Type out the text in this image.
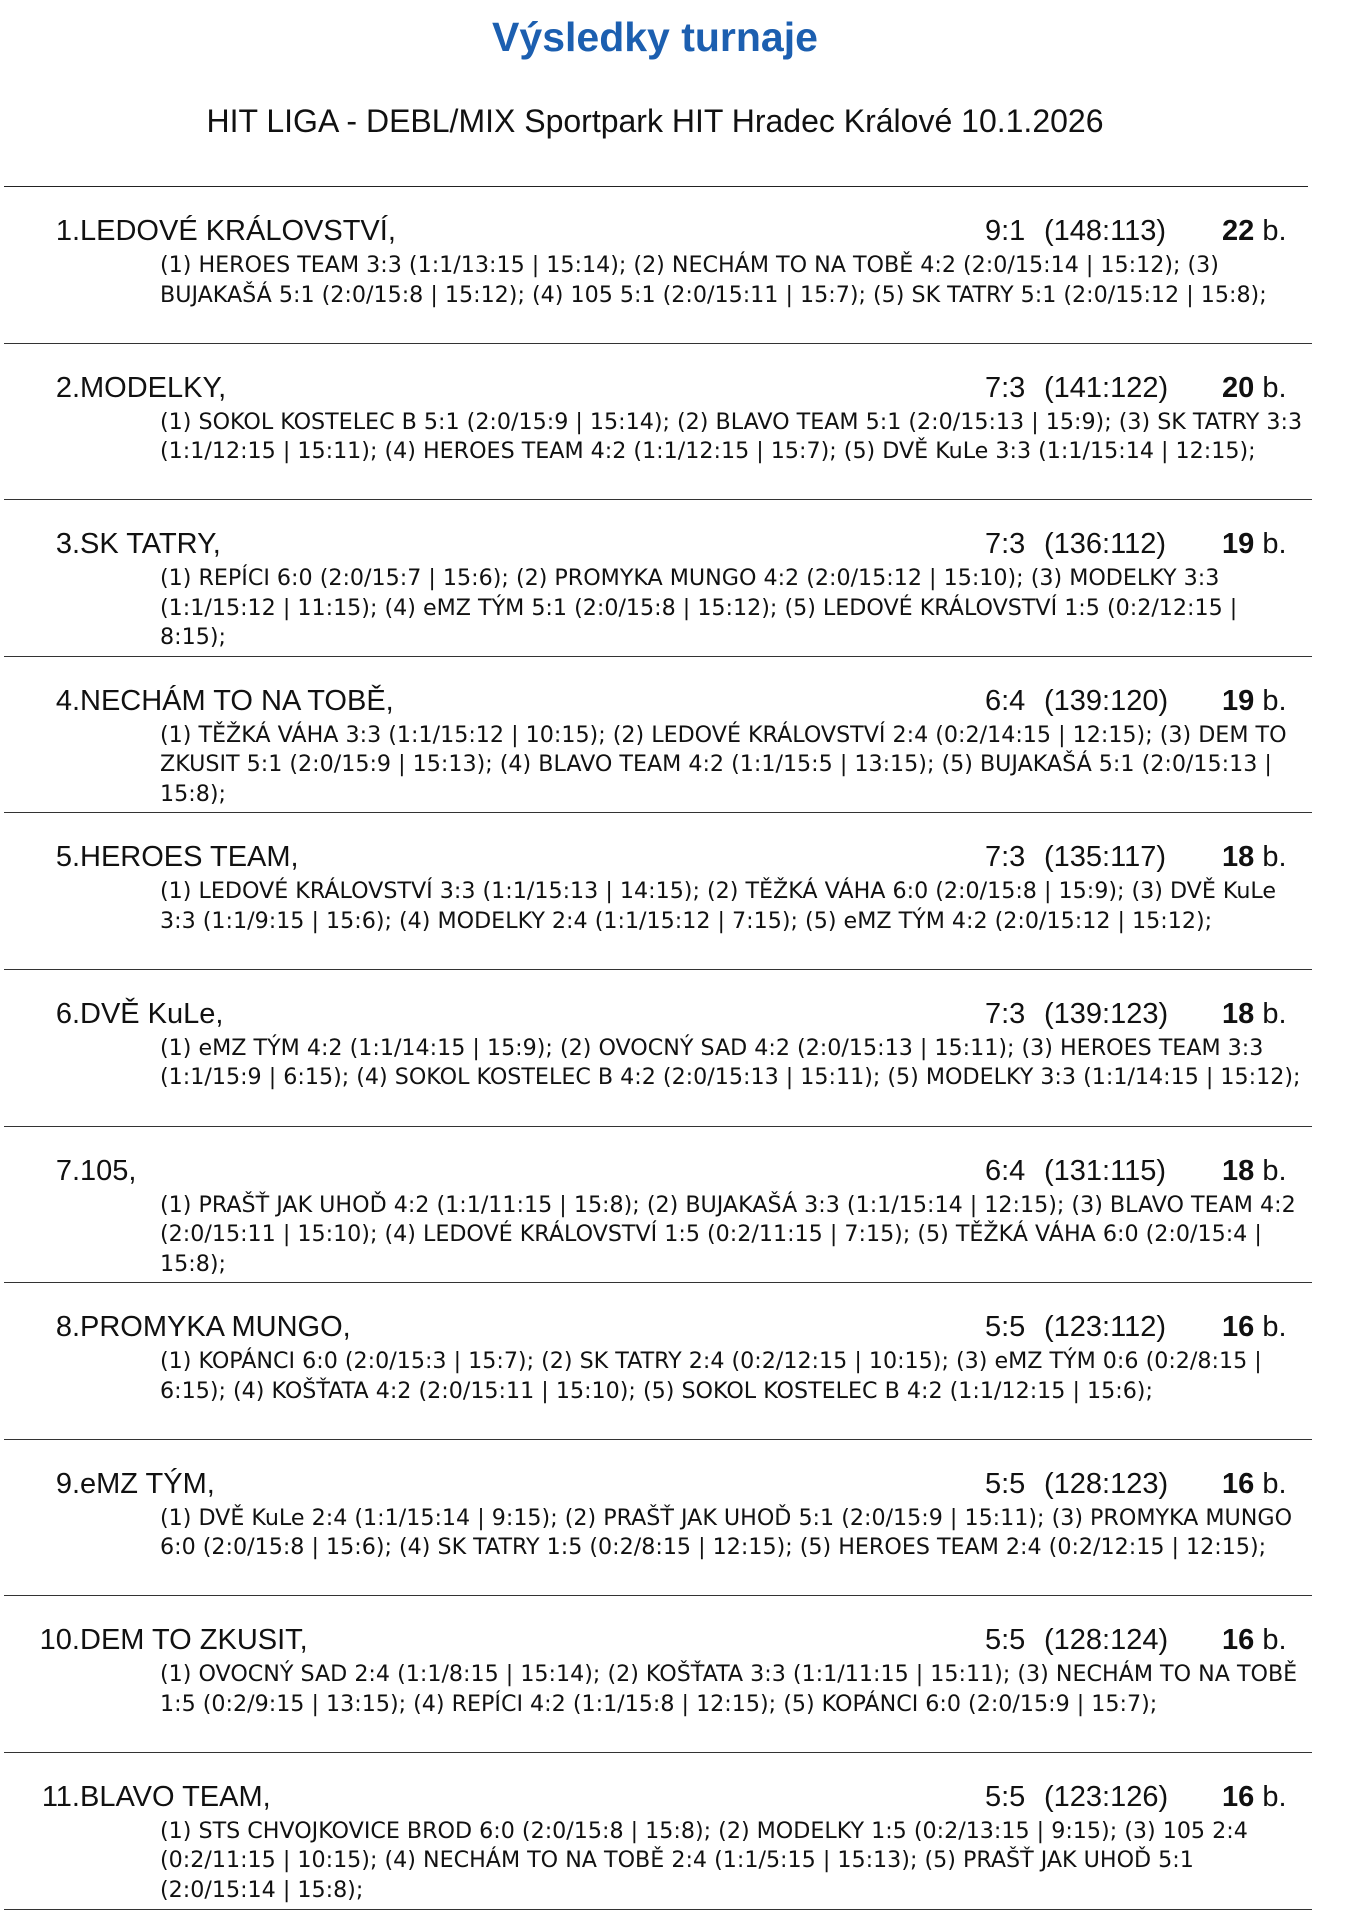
Výsledky turnaje
HIT LIGA - DEBL/MIX Sportpark HIT Hradec Králové 10.1.2026
1. LEDOVÉ KRÁLOVSTVÍ,	9:1 (148:113) 22 b.
(1) HEROES TEAM 3:3 (1:1/13:15 | 15:14); (2) NECHÁM TO NA TOBĚ 4:2 (2:0/15:14 | 15:12); (3) BUJAKAŠÁ 5:1 (2:0/15:8 | 15:12); (4) 105 5:1 (2:0/15:11 | 15:7); (5) SK TATRY 5:1 (2:0/15:12 | 15:8);
2. MODELKY,	7:3 (141:122) 20 b.
(1) SOKOL KOSTELEC B 5:1 (2:0/15:9 | 15:14); (2) BLAVO TEAM 5:1 (2:0/15:13 | 15:9); (3) SK TATRY 3:3 (1:1/12:15 | 15:11); (4) HEROES TEAM 4:2 (1:1/12:15 | 15:7); (5) DVĚ KuLe 3:3 (1:1/15:14 | 12:15);
3. SK TATRY,	7:3 (136:112) 19 b.
(1) REPÍCI 6:0 (2:0/15:7 | 15:6); (2) PROMYKA MUNGO 4:2 (2:0/15:12 | 15:10); (3) MODELKY 3:3 (1:1/15:12 | 11:15); (4) eMZ TÝM 5:1 (2:0/15:8 | 15:12); (5) LEDOVÉ KRÁLOVSTVÍ 1:5 (0:2/12:15 | 8:15);
4. NECHÁM TO NA TOBĚ,	6:4 (139:120) 19 b.
(1) TĚŽKÁ VÁHA 3:3 (1:1/15:12 | 10:15); (2) LEDOVÉ KRÁLOVSTVÍ 2:4 (0:2/14:15 | 12:15); (3) DEM TO ZKUSIT 5:1 (2:0/15:9 | 15:13); (4) BLAVO TEAM 4:2 (1:1/15:5 | 13:15); (5) BUJAKAŠÁ 5:1 (2:0/15:13 | 15:8);
5. HEROES TEAM,	7:3 (135:117) 18 b.
(1) LEDOVÉ KRÁLOVSTVÍ 3:3 (1:1/15:13 | 14:15); (2) TĚŽKÁ VÁHA 6:0 (2:0/15:8 | 15:9); (3) DVĚ KuLe 3:3 (1:1/9:15 | 15:6); (4) MODELKY 2:4 (1:1/15:12 | 7:15); (5) eMZ TÝM 4:2 (2:0/15:12 | 15:12);
6. DVĚ KuLe,	7:3 (139:123) 18 b.
(1) eMZ TÝM 4:2 (1:1/14:15 | 15:9); (2) OVOCNÝ SAD 4:2 (2:0/15:13 | 15:11); (3) HEROES TEAM 3:3 (1:1/15:9 | 6:15); (4) SOKOL KOSTELEC B 4:2 (2:0/15:13 | 15:11); (5) MODELKY 3:3 (1:1/14:15 | 15:12);
7. 105,	6:4 (131:115) 18 b.
(1) PRAŠŤ JAK UHOĎ 4:2 (1:1/11:15 | 15:8); (2) BUJAKAŠÁ 3:3 (1:1/15:14 | 12:15); (3) BLAVO TEAM 4:2 (2:0/15:11 | 15:10); (4) LEDOVÉ KRÁLOVSTVÍ 1:5 (0:2/11:15 | 7:15); (5) TĚŽKÁ VÁHA 6:0 (2:0/15:4 | 15:8);
8. PROMYKA MUNGO,	5:5 (123:112) 16 b.
(1) KOPÁNCI 6:0 (2:0/15:3 | 15:7); (2) SK TATRY 2:4 (0:2/12:15 | 10:15); (3) eMZ TÝM 0:6 (0:2/8:15 | 6:15); (4) KOŠŤATA 4:2 (2:0/15:11 | 15:10); (5) SOKOL KOSTELEC B 4:2 (1:1/12:15 | 15:6);
9. eMZ TÝM,	5:5 (128:123) 16 b.
(1) DVĚ KuLe 2:4 (1:1/15:14 | 9:15); (2) PRAŠŤ JAK UHOĎ 5:1 (2:0/15:9 | 15:11); (3) PROMYKA MUNGO 6:0 (2:0/15:8 | 15:6); (4) SK TATRY 1:5 (0:2/8:15 | 12:15); (5) HEROES TEAM 2:4 (0:2/12:15 | 12:15);
10. DEM TO ZKUSIT,	5:5 (128:124) 16 b.
(1) OVOCNÝ SAD 2:4 (1:1/8:15 | 15:14); (2) KOŠŤATA 3:3 (1:1/11:15 | 15:11); (3) NECHÁM TO NA TOBĚ 1:5 (0:2/9:15 | 13:15); (4) REPÍCI 4:2 (1:1/15:8 | 12:15); (5) KOPÁNCI 6:0 (2:0/15:9 | 15:7);
11. BLAVO TEAM,	5:5 (123:126) 16 b.
(1) STS CHVOJKOVICE BROD 6:0 (2:0/15:8 | 15:8); (2) MODELKY 1:5 (0:2/13:15 | 9:15); (3) 105 2:4 (0:2/11:15 | 10:15); (4) NECHÁM TO NA TOBĚ 2:4 (1:1/5:15 | 15:13); (5) PRAŠŤ JAK UHOĎ 5:1 (2:0/15:14 | 15:8);
